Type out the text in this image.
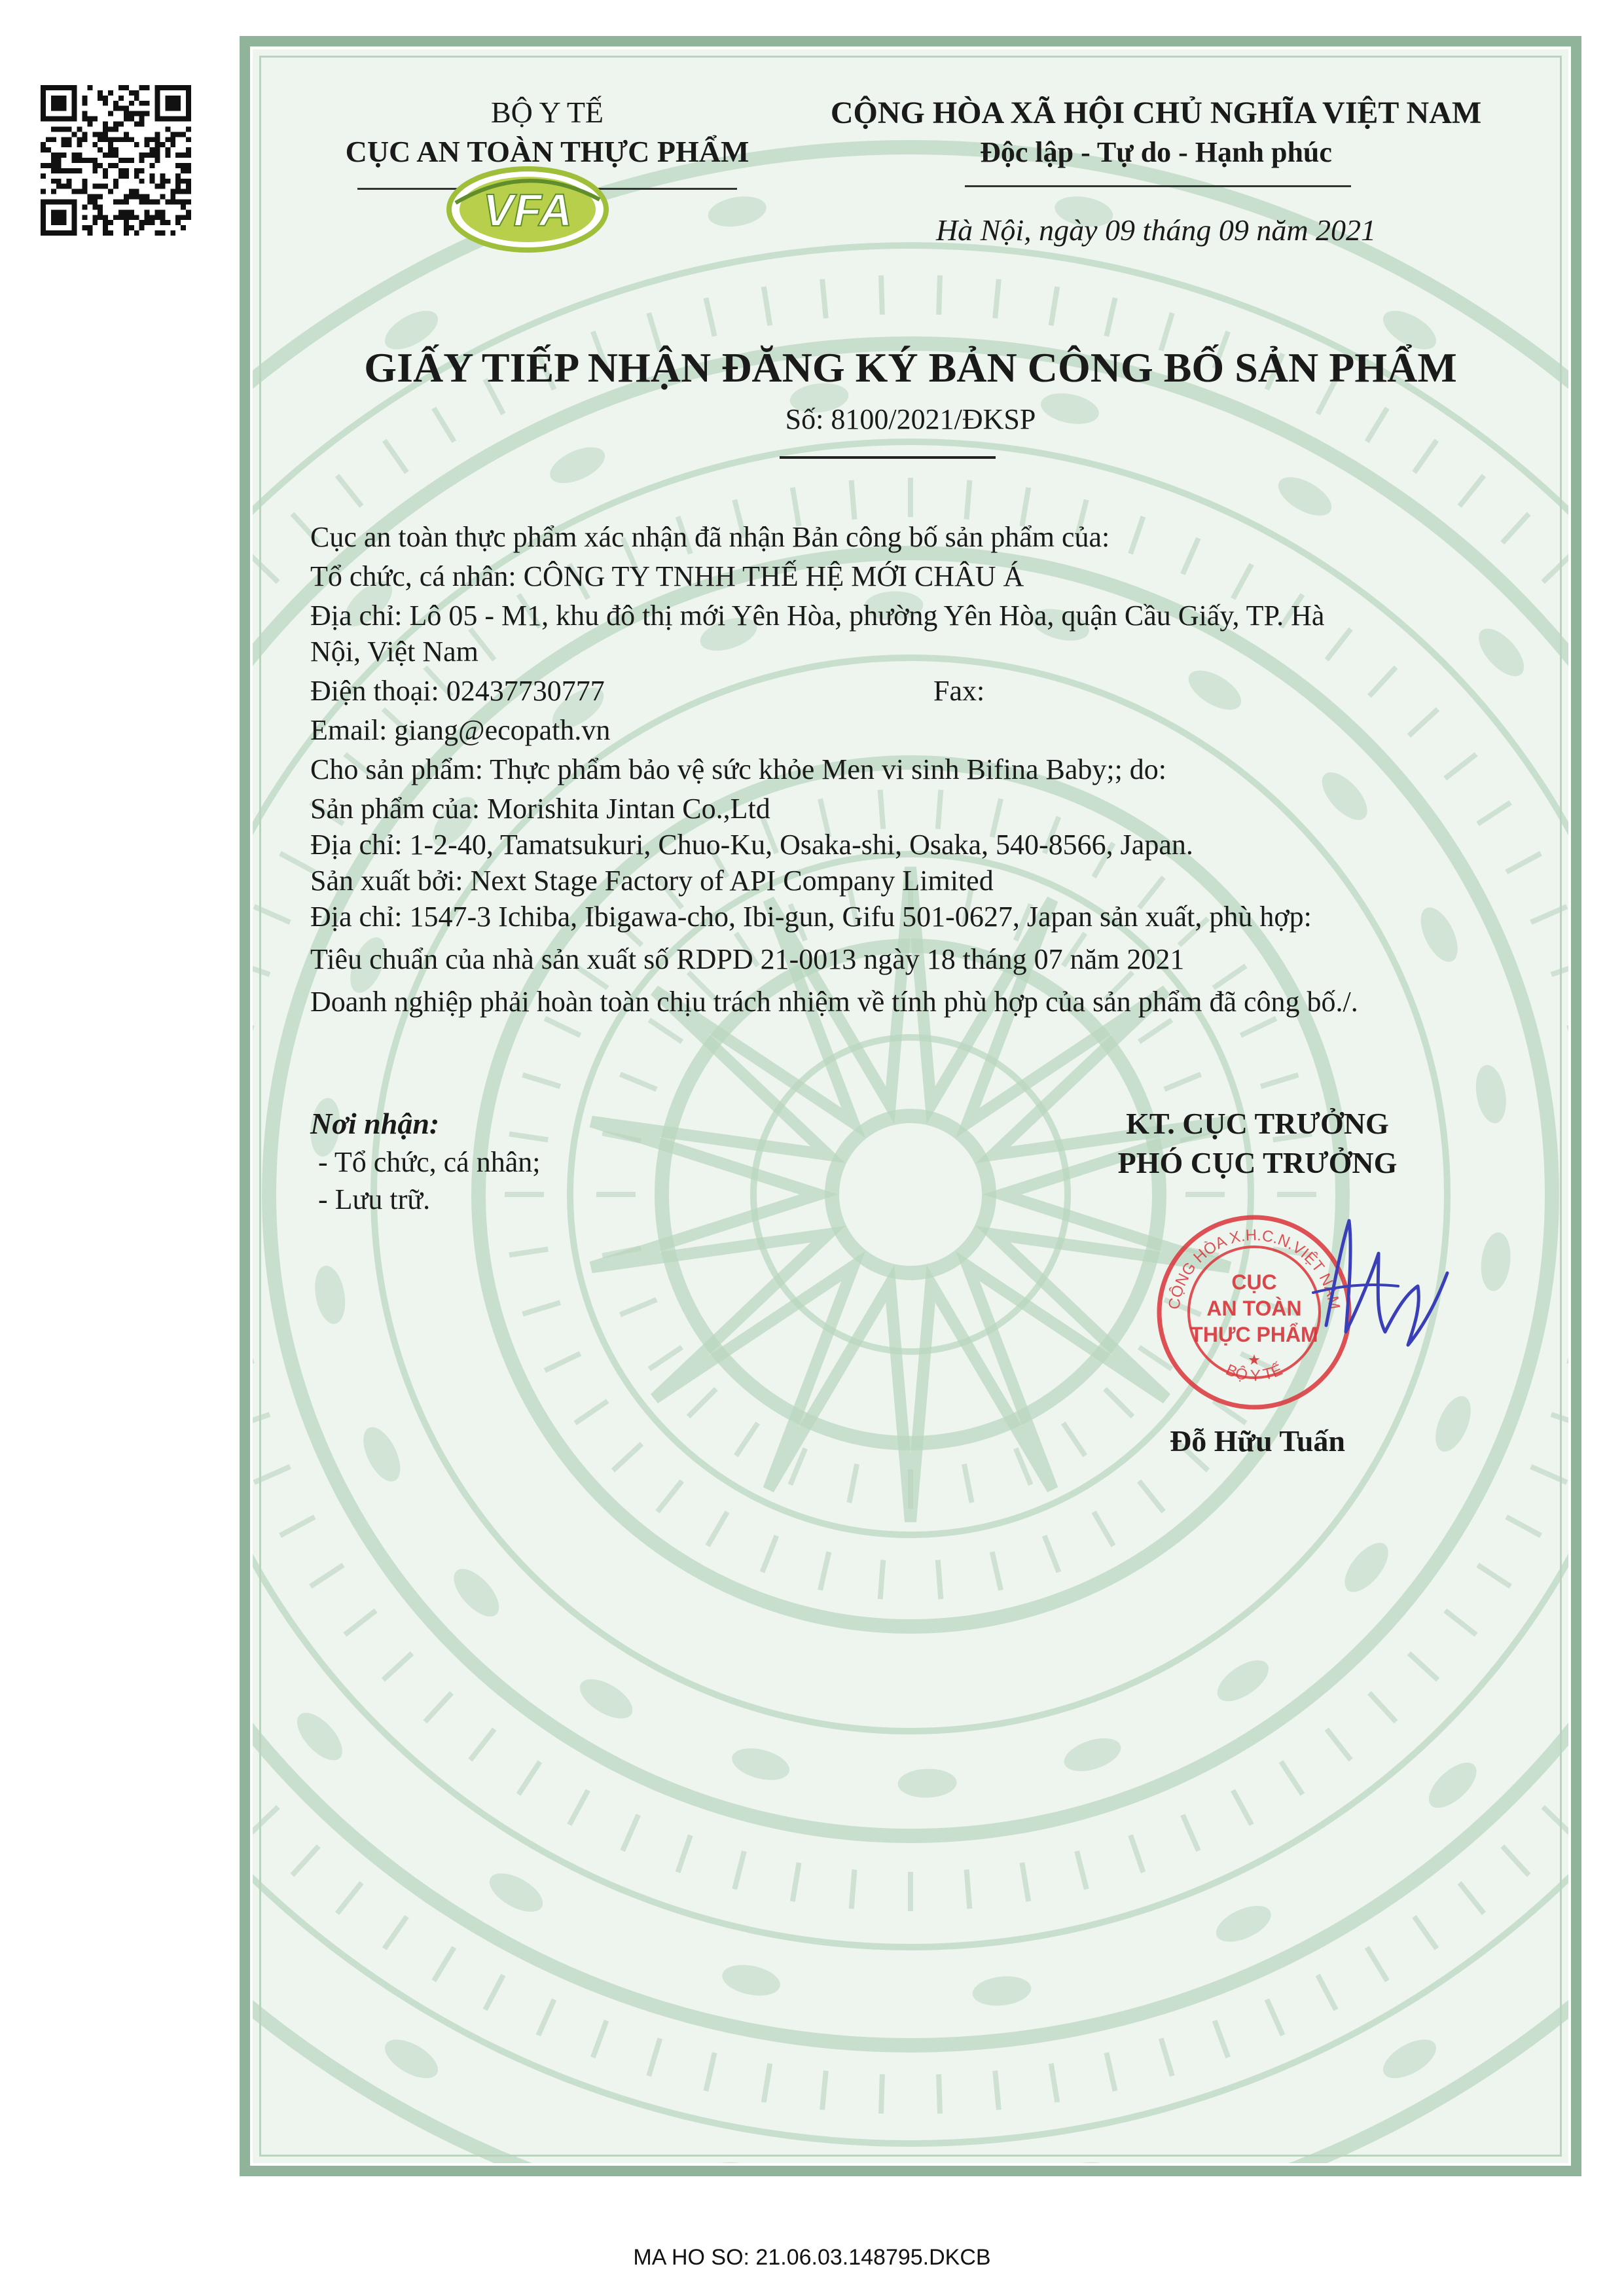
BỘ Y TẾ
CỤC AN TOÀN THỰC PHẨM
VFA
CỘNG HÒA XÃ HỘI CHỦ NGHĨA VIỆT NAM
Độc lập - Tự do - Hạnh phúc
Hà Nội, ngày 09 tháng 09 năm 2021
GIẤY TIẾP NHẬN ĐĂNG KÝ BẢN CÔNG BỐ SẢN PHẨM
Số: 8100/2021/ĐKSP
Cục an toàn thực phẩm xác nhận đã nhận Bản công bố sản phẩm của:
Tổ chức, cá nhân: CÔNG TY TNHH THẾ HỆ MỚI CHÂU Á
Địa chỉ: Lô 05 - M1, khu đô thị mới Yên Hòa, phường Yên Hòa, quận Cầu Giấy, TP. Hà
Nội, Việt Nam
Điện thoại: 02437730777	Fax:
Email: giang@ecopath.vn
Cho sản phẩm: Thực phẩm bảo vệ sức khỏe Men vi sinh Bifina Baby;; do:
Sản phẩm của: Morishita Jintan Co.,Ltd
Địa chỉ: 1-2-40, Tamatsukuri, Chuo-Ku, Osaka-shi, Osaka, 540-8566, Japan.
Sản xuất bởi: Next Stage Factory of API Company Limited
Địa chỉ: 1547-3 Ichiba, Ibigawa-cho, Ibi-gun, Gifu 501-0627, Japan sản xuất, phù hợp:
Tiêu chuẩn của nhà sản xuất số RDPD 21-0013 ngày 18 tháng 07 năm 2021
Doanh nghiệp phải hoàn toàn chịu trách nhiệm về tính phù hợp của sản phẩm đã công bố./.
Nơi nhận:
- Tổ chức, cá nhân;
- Lưu trữ.
KT. CỤC TRƯỞNG
PHÓ CỤC TRƯỞNG
CỘNG HÒA X.H.C.N.VIỆT NAM
BỘ Y TẾ
CỤC
AN TOÀN
THỰC PHẨM
★
Đỗ Hữu Tuấn
MA HO SO: 21.06.03.148795.DKCB
